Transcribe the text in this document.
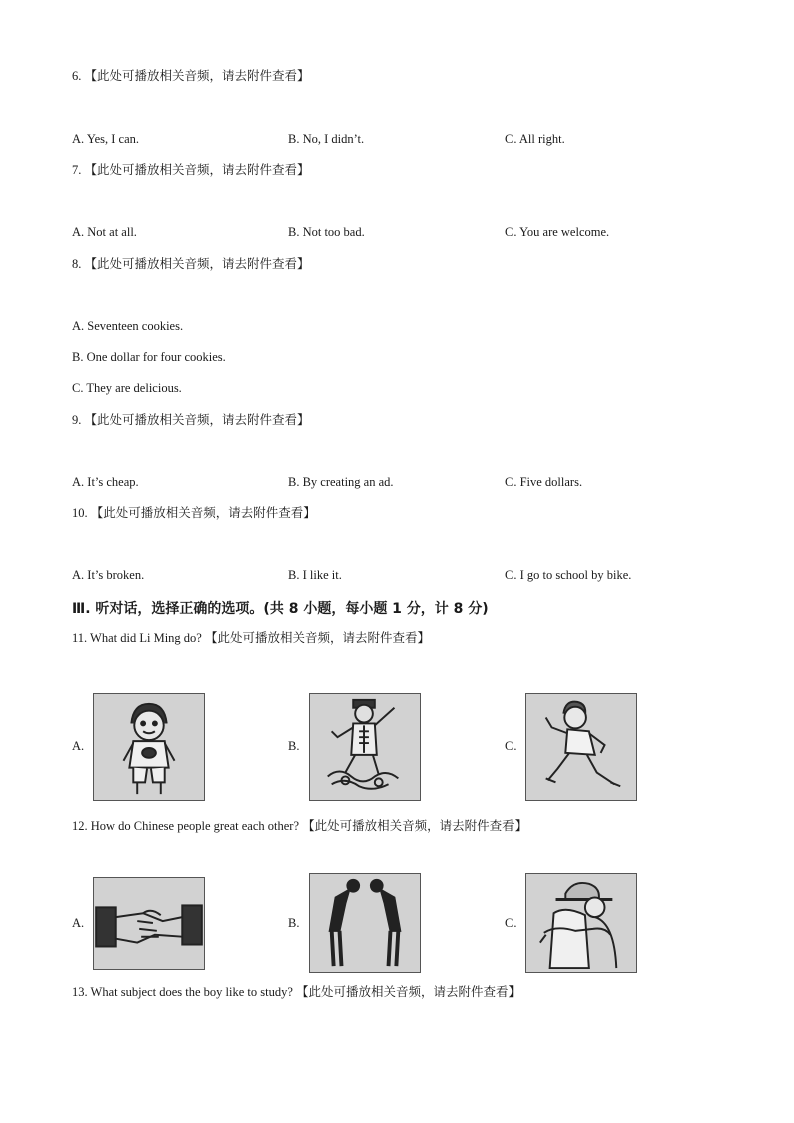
6. 【此处可播放相关音频，请去附件查看】
A. Yes, I can.	B. No, I didn’t.	C. All right.
7. 【此处可播放相关音频，请去附件查看】
A. Not at all.	B. Not too bad.	C. You are welcome.
8. 【此处可播放相关音频，请去附件查看】
A. Seventeen cookies.
B. One dollar for four cookies.
C. They are delicious.
9. 【此处可播放相关音频，请去附件查看】
A. It’s cheap.	B. By creating an ad.	C. Five dollars.
10. 【此处可播放相关音频，请去附件查看】
A. It’s broken.	B. I like it.	C. I go to school by bike.
Ⅲ. 听对话，选择正确的选项。(共 8 小题，每小题 1 分，计 8 分)
11. What did Li Ming do? 【此处可播放相关音频，请去附件查看】
A.	B.	C.
12. How do Chinese people great each other? 【此处可播放相关音频，请去附件查看】
A.	B.	C.
13. What subject does the boy like to study? 【此处可播放相关音频，请去附件查看】
